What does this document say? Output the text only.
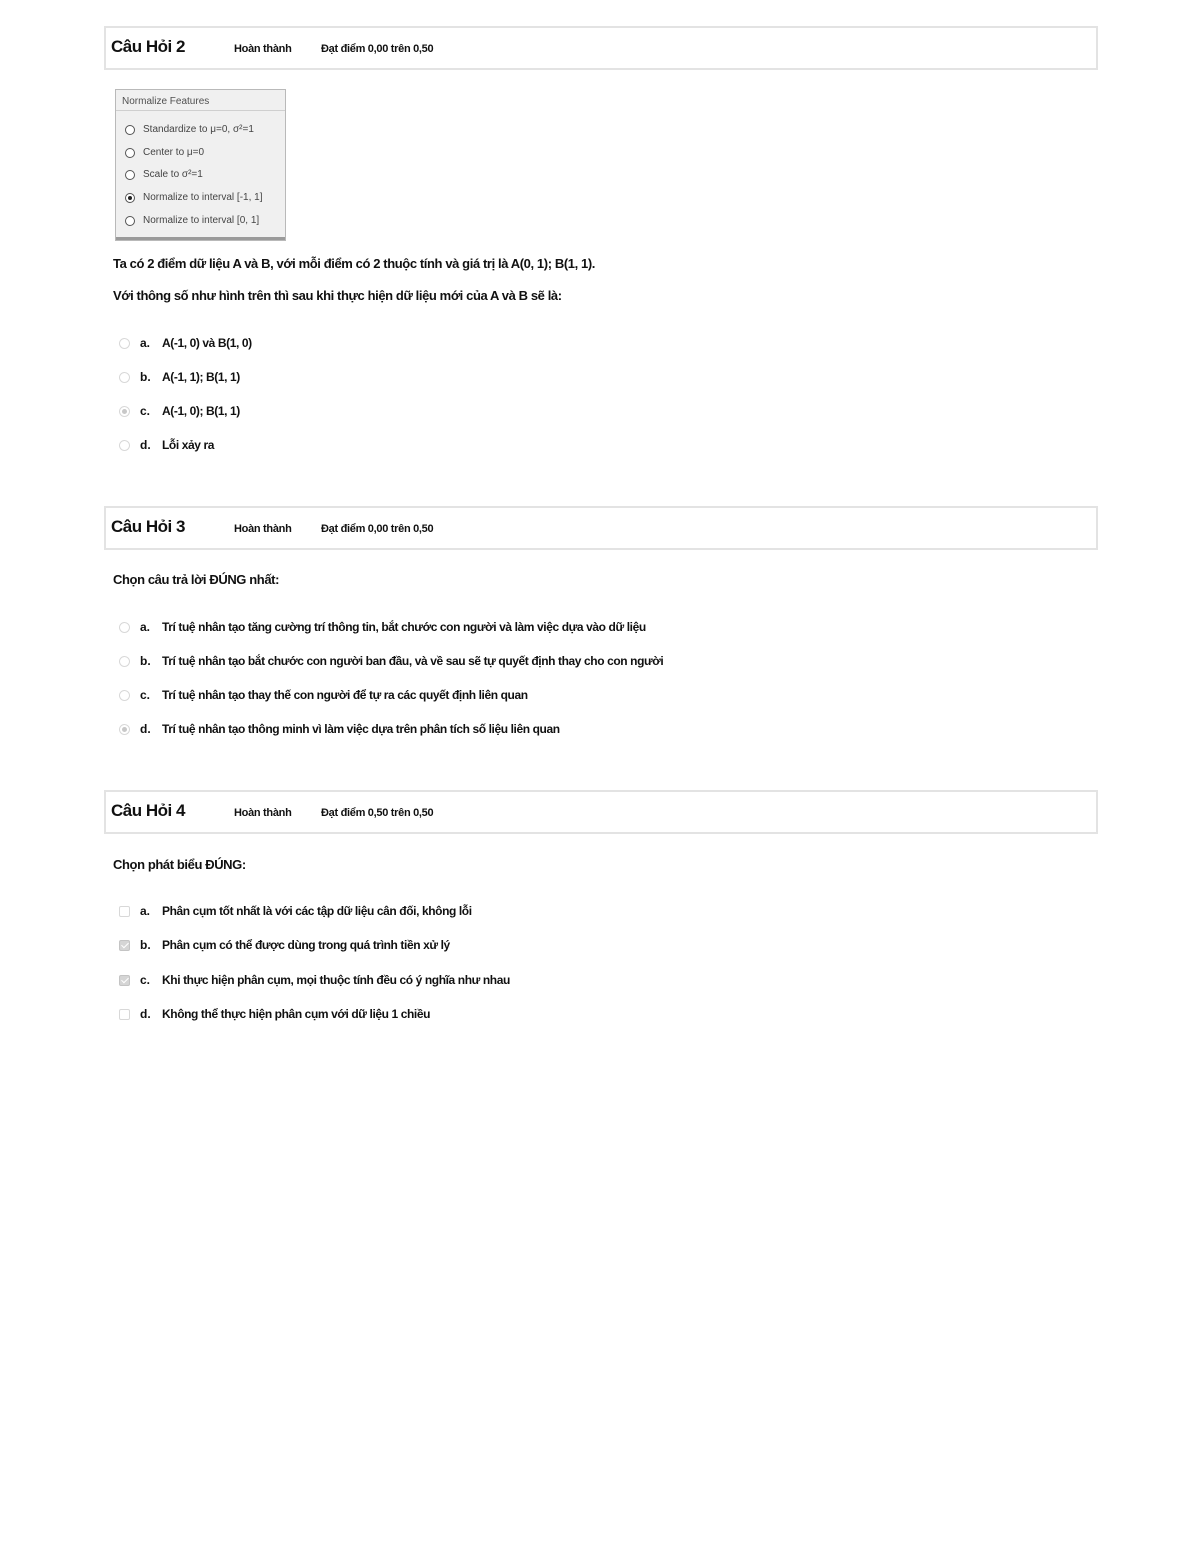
Câu Hỏi 2	Hoàn thành	Đạt điểm 0,00 trên 0,50
Normalize Features
Standardize to μ=0, σ²=1
Center to μ=0
Scale to σ²=1
Normalize to interval [-1, 1]
Normalize to interval [0, 1]
Ta có 2 điểm dữ liệu A và B, với mỗi điểm có 2 thuộc tính và giá trị là A(0, 1); B(1, 1).
Với thông số như hình trên thì sau khi thực hiện dữ liệu mới của A và B sẽ là:
a. A(-1, 0) và B(1, 0)
b. A(-1, 1); B(1, 1)
c. A(-1, 0); B(1, 1)
d. Lỗi xảy ra
Câu Hỏi 3	Hoàn thành	Đạt điểm 0,00 trên 0,50
Chọn câu trả lời ĐÚNG nhất:
a. Trí tuệ nhân tạo tăng cường trí thông tin, bắt chước con người và làm việc dựa vào dữ liệu
b. Trí tuệ nhân tạo bắt chước con người ban đầu, và về sau sẽ tự quyết định thay cho con người
c. Trí tuệ nhân tạo thay thế con người để tự ra các quyết định liên quan
d. Trí tuệ nhân tạo thông minh vì làm việc dựa trên phân tích số liệu liên quan
Câu Hỏi 4	Hoàn thành	Đạt điểm 0,50 trên 0,50
Chọn phát biểu ĐÚNG:
a. Phân cụm tốt nhất là với các tập dữ liệu cân đối, không lỗi
b. Phân cụm có thể được dùng trong quá trình tiền xử lý
c. Khi thực hiện phân cụm, mọi thuộc tính đều có ý nghĩa như nhau
d. Không thể thực hiện phân cụm với dữ liệu 1 chiều
